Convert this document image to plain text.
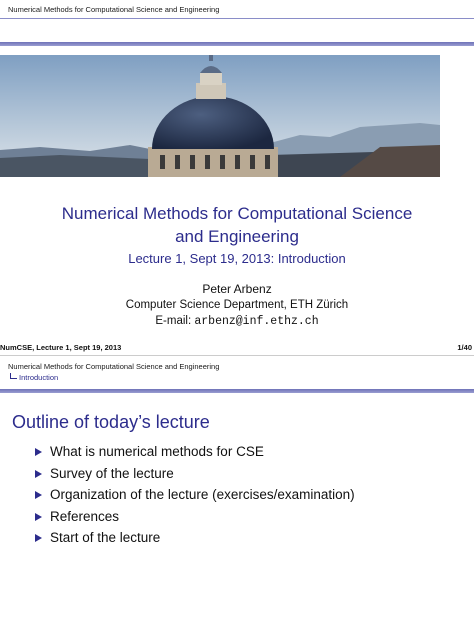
Numerical Methods for Computational Science and Engineering
Numerical Methods for Computational Science
and Engineering
Lecture 1, Sept 19, 2013: Introduction
Peter Arbenz
Computer Science Department, ETH Zürich
E-mail: arbenz@inf.ethz.ch
NumCSE, Lecture 1, Sept 19, 2013	1/40
Numerical Methods for Computational Science and Engineering
Introduction
Outline of today’s lecture
What is numerical methods for CSE
Survey of the lecture
Organization of the lecture (exercises/examination)
References
Start of the lecture
